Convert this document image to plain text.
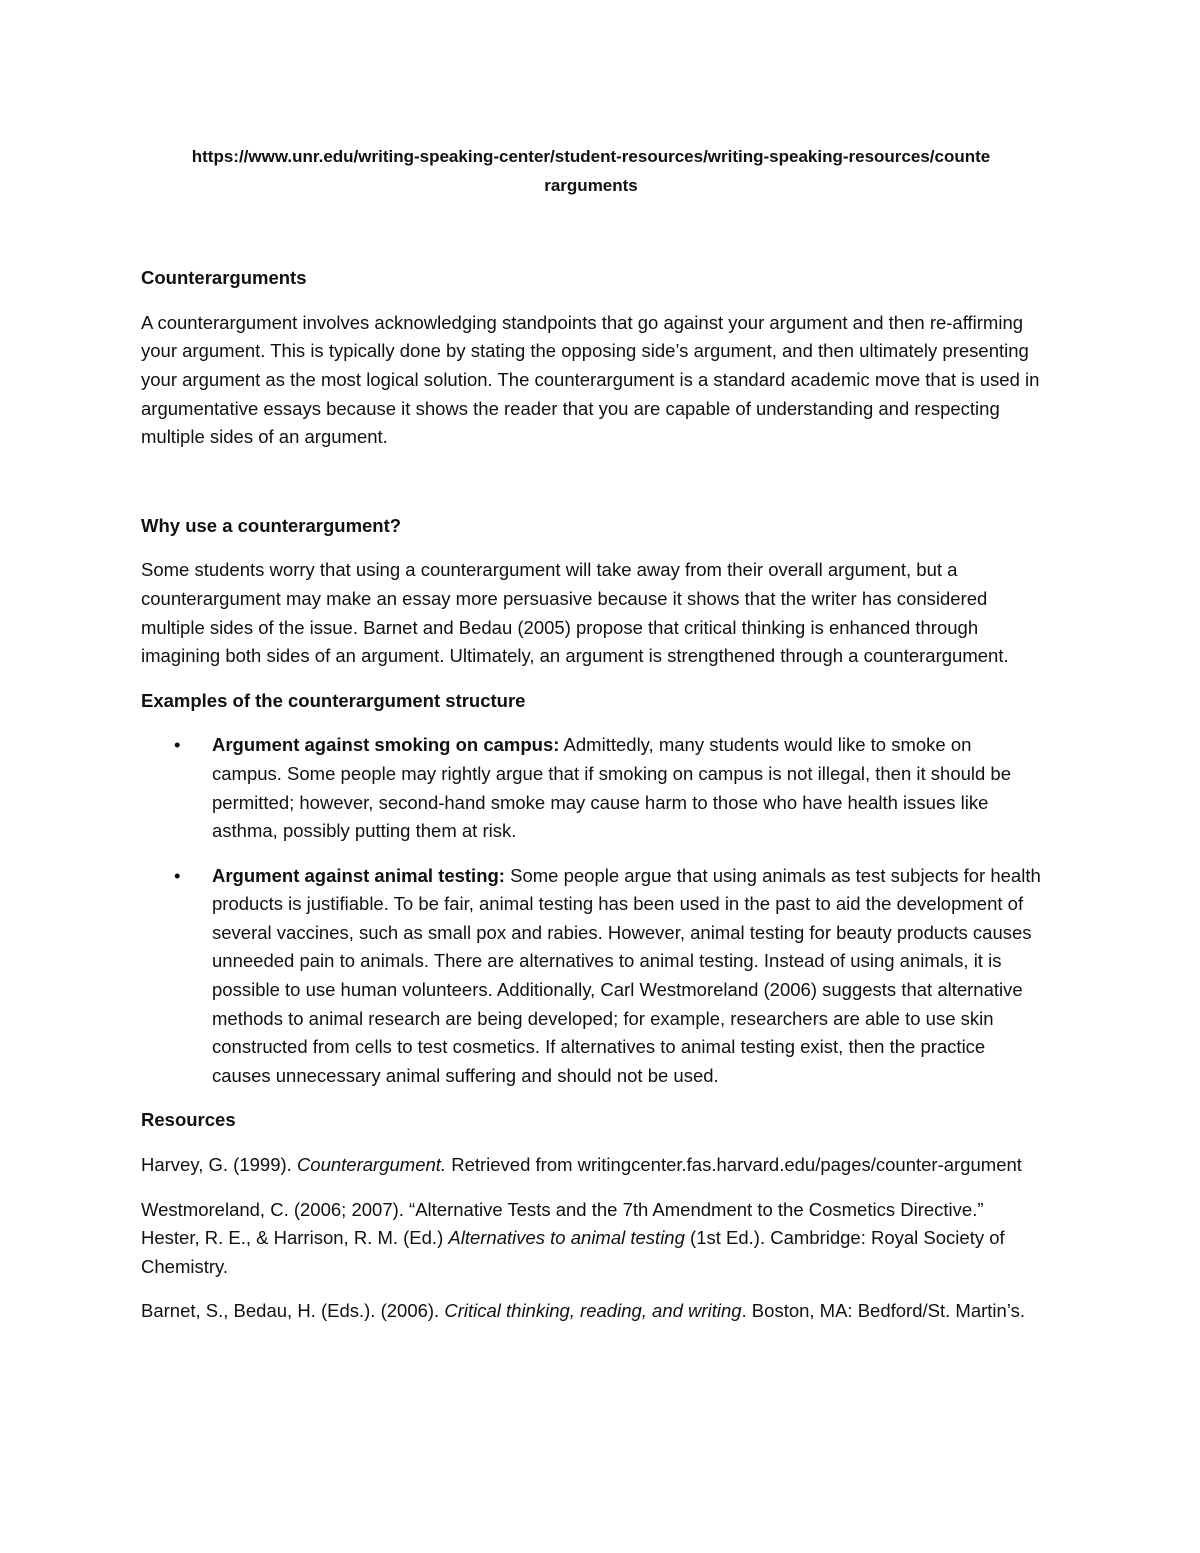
https://www.unr.edu/writing-speaking-center/student-resources/writing-speaking-resources/counterarguments
Counterarguments

A counterargument involves acknowledging standpoints that go against your argument and then re-affirming your argument. This is typically done by stating the opposing side’s argument, and then ultimately presenting your argument as the most logical solution. The counterargument is a standard academic move that is used in argumentative essays because it shows the reader that you are capable of understanding and respecting multiple sides of an argument.

Why use a counterargument?

Some students worry that using a counterargument will take away from their overall argument, but a counterargument may make an essay more persuasive because it shows that the writer has considered multiple sides of the issue. Barnet and Bedau (2005) propose that critical thinking is enhanced through imagining both sides of an argument. Ultimately, an argument is strengthened through a counterargument.

Examples of the counterargument structure
• Argument against smoking on campus: Admittedly, many students would like to smoke on campus. Some people may rightly argue that if smoking on campus is not illegal, then it should be permitted; however, second-hand smoke may cause harm to those who have health issues like asthma, possibly putting them at risk.
• Argument against animal testing: Some people argue that using animals as test subjects for health products is justifiable. To be fair, animal testing has been used in the past to aid the development of several vaccines, such as small pox and rabies. However, animal testing for beauty products causes unneeded pain to animals. There are alternatives to animal testing. Instead of using animals, it is possible to use human volunteers. Additionally, Carl Westmoreland (2006) suggests that alternative methods to animal research are being developed; for example, researchers are able to use skin constructed from cells to test cosmetics. If alternatives to animal testing exist, then the practice causes unnecessary animal suffering and should not be used.
Resources

Harvey, G. (1999). Counterargument. Retrieved from writingcenter.fas.harvard.edu/pages/counter-argument

Westmoreland, C. (2006; 2007). “Alternative Tests and the 7th Amendment to the Cosmetics Directive.” Hester, R. E., & Harrison, R. M. (Ed.) Alternatives to animal testing (1st Ed.). Cambridge: Royal Society of Chemistry.

Barnet, S., Bedau, H. (Eds.). (2006). Critical thinking, reading, and writing. Boston, MA: Bedford/St. Martin’s.
